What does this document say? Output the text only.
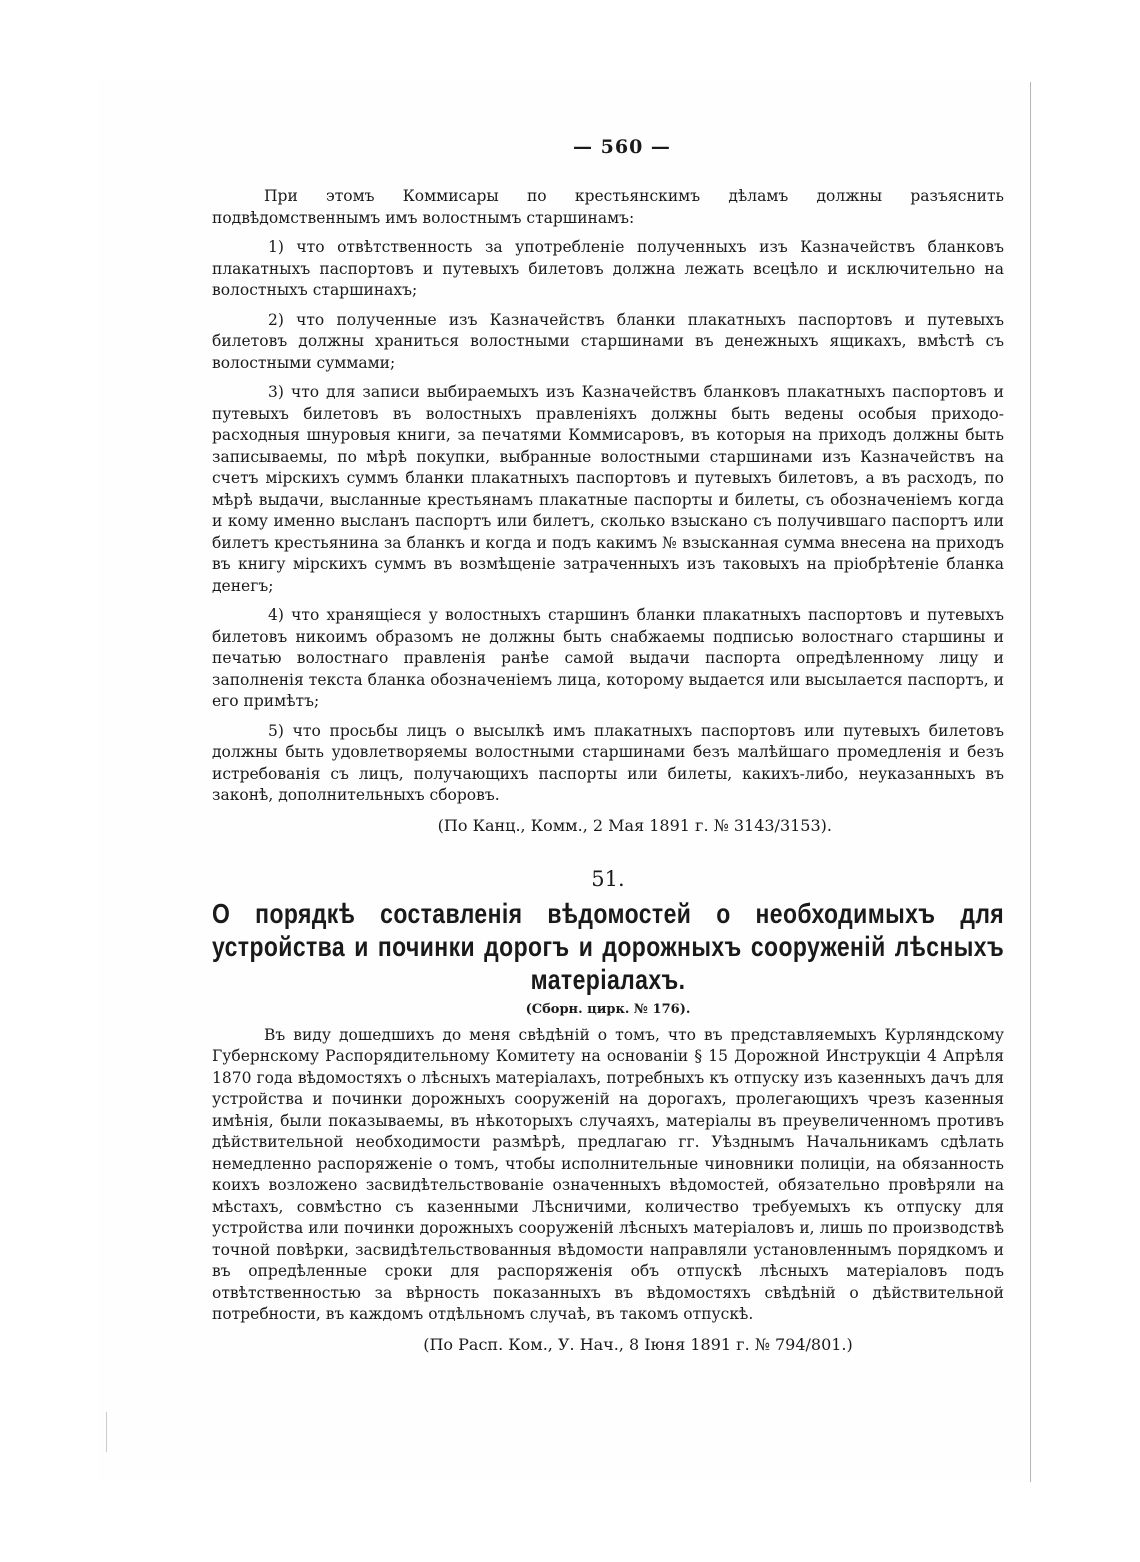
— 560 —

При этомъ Коммисары по крестьянскимъ дѣламъ должны разъяснить подвѣдомственнымъ имъ волостнымъ старшинамъ:

1) что отвѣтственность за употребленіе полученныхъ изъ Казначействъ бланковъ плакатныхъ паспортовъ и путевыхъ билетовъ должна лежать всецѣло и исключительно на волостныхъ старшинахъ;

2) что полученные изъ Казначействъ бланки плакатныхъ паспортовъ и путевыхъ билетовъ должны храниться волостными старшинами въ денежныхъ ящикахъ, вмѣстѣ съ волостными суммами;

3) что для записи выбираемыхъ изъ Казначействъ бланковъ плакатныхъ паспортовъ и путевыхъ билетовъ въ волостныхъ правленіяхъ должны быть ведены особыя приходо-расходныя шнуровыя книги, за печатями Коммисаровъ, въ которыя на приходъ должны быть записываемы, по мѣрѣ покупки, выбранные волостными старшинами изъ Казначействъ на счетъ мірскихъ суммъ бланки плакатныхъ паспортовъ и путевыхъ билетовъ, а въ расходъ, по мѣрѣ выдачи, высланные крестьянамъ плакатные паспорты и билеты, съ обозначеніемъ когда и кому именно высланъ паспортъ или билетъ, сколько взыскано съ получившаго паспортъ или билетъ крестьянина за бланкъ и когда и подъ какимъ № взысканная сумма внесена на приходъ въ книгу мірскихъ суммъ въ возмѣщеніе затраченныхъ изъ таковыхъ на пріобрѣтеніе бланка денегъ;

4) что хранящіеся у волостныхъ старшинъ бланки плакатныхъ паспортовъ и путевыхъ билетовъ никоимъ образомъ не должны быть снабжаемы подписью волостнаго старшины и печатью волостнаго правленія ранѣе самой выдачи паспорта опредѣленному лицу и заполненія текста бланка обозначеніемъ лица, которому выдается или высылается паспортъ, и его примѣтъ;

5) что просьбы лицъ о высылкѣ имъ плакатныхъ паспортовъ или путевыхъ билетовъ должны быть удовлетворяемы волостными старшинами безъ малѣйшаго промедленія и безъ истребованія съ лицъ, получающихъ паспорты или билеты, какихъ-либо, неуказанныхъ въ законѣ, дополнительныхъ сборовъ.

(По Канц., Комм., 2 Мая 1891 г. № 3143/3153).
51.
О порядкѣ составленія вѣдомостей о необходимыхъ для устройства и починки дорогъ и дорожныхъ сооруженій лѣсныхъ матеріалахъ.
(Сборн. цирк. № 176).

Въ виду дошедшихъ до меня свѣдѣній о томъ, что въ представляемыхъ Курляндскому Губернскому Распорядительному Комитету на основаніи § 15 Дорожной Инструкціи 4 Апрѣля 1870 года вѣдомостяхъ о лѣсныхъ матеріалахъ, потребныхъ къ отпуску изъ казенныхъ дачъ для устройства и починки дорожныхъ сооруженій на дорогахъ, пролегающихъ чрезъ казенныя имѣнія, были показываемы, въ нѣкоторыхъ случаяхъ, матеріалы въ преувеличенномъ противъ дѣйствительной необходимости размѣрѣ, предлагаю гг. Уѣзднымъ Начальникамъ сдѣлать немедленно распоряженіе о томъ, чтобы исполнительные чиновники полиціи, на обязанность коихъ возложено засвидѣтельствованіе означенныхъ вѣдомостей, обязательно провѣряли на мѣстахъ, совмѣстно съ казенными Лѣсничими, количество требуемыхъ къ отпуску для устройства или починки дорожныхъ сооруженій лѣсныхъ матеріаловъ и, лишь по производствѣ точной повѣрки, засвидѣтельствованныя вѣдомости направляли установленнымъ порядкомъ и въ опредѣленные сроки для распоряженія объ отпускѣ лѣсныхъ матеріаловъ подъ отвѣтственностью за вѣрность показанныхъ въ вѣдомостяхъ свѣдѣній о дѣйствительной потребности, въ каждомъ отдѣльномъ случаѣ, въ такомъ отпускѣ.

(По Расп. Ком., У. Нач., 8 Іюня 1891 г. № 794/801.)
